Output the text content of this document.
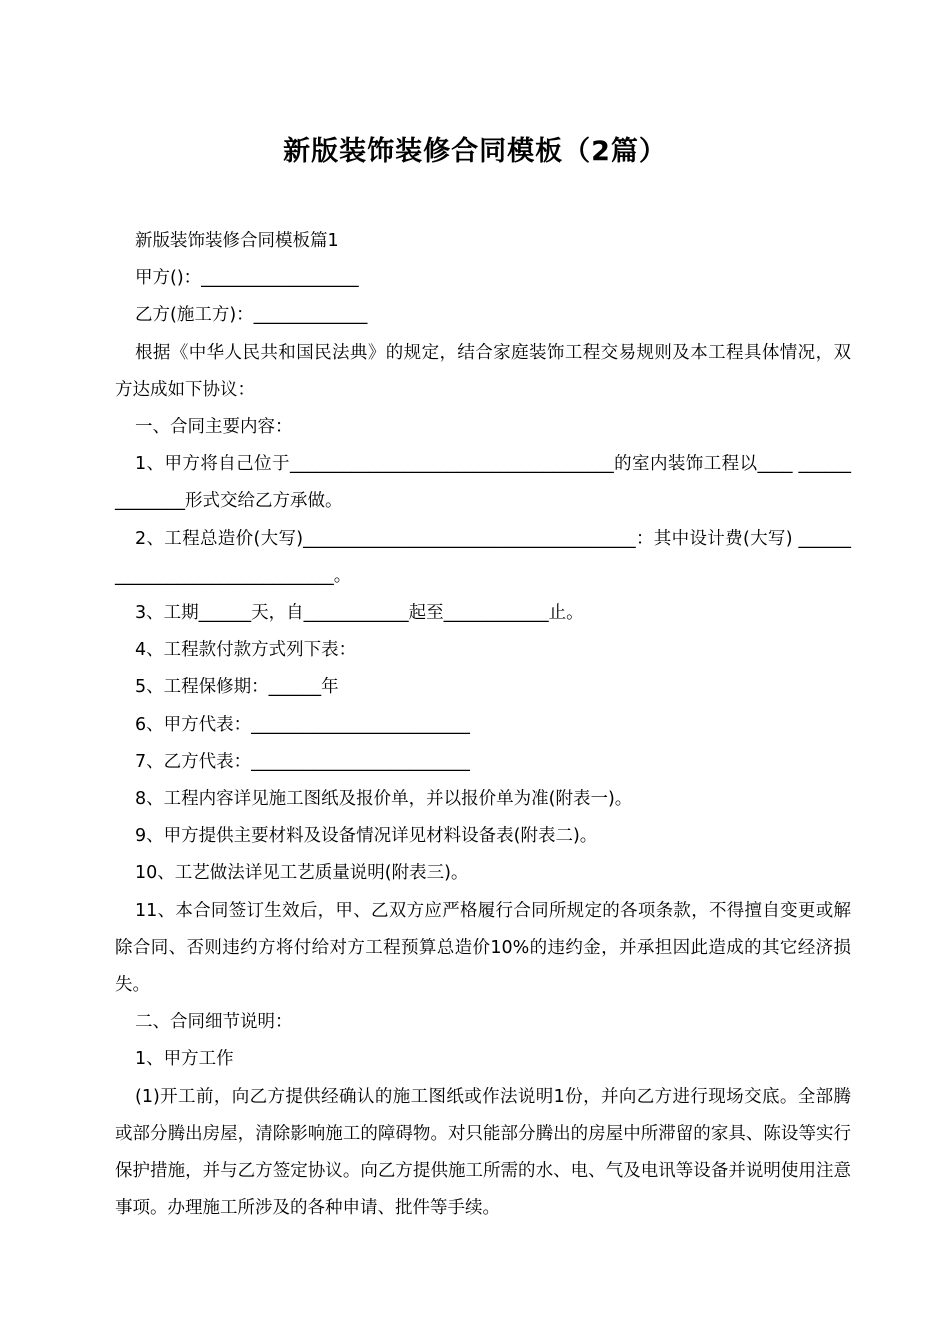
新版装饰装修合同模板（2篇）

新版装饰装修合同模板篇1

甲方()：__________________

乙方(施工方)：_____________

根据《中华人民共和国民法典》的规定，结合家庭装饰工程交易规则及本工程具体情况，双方达成如下协议：

一、合同主要内容：

1、甲方将自己位于_____________________________________的室内装饰工程以____ ______________形式交给乙方承做。

2、工程总造价(大写)______________________________________：其中设计费(大写) _______________________________。

3、工期______天，自____________起至____________止。

4、工程款付款方式列下表：

5、工程保修期：______年

6、甲方代表：_________________________

7、乙方代表：_________________________

8、工程内容详见施工图纸及报价单，并以报价单为准(附表一)。

9、甲方提供主要材料及设备情况详见材料设备表(附表二)。

10、工艺做法详见工艺质量说明(附表三)。

11、本合同签订生效后，甲、乙双方应严格履行合同所规定的各项条款，不得擅自变更或解除合同、否则违约方将付给对方工程预算总造价10%的违约金，并承担因此造成的其它经济损失。

二、合同细节说明：

1、甲方工作

(1)开工前，向乙方提供经确认的施工图纸或作法说明1份，并向乙方进行现场交底。全部腾或部分腾出房屋，清除影响施工的障碍物。对只能部分腾出的房屋中所滞留的家具、陈设等实行保护措施，并与乙方签定协议。向乙方提供施工所需的水、电、气及电讯等设备并说明使用注意事项。办理施工所涉及的各种申请、批件等手续。
